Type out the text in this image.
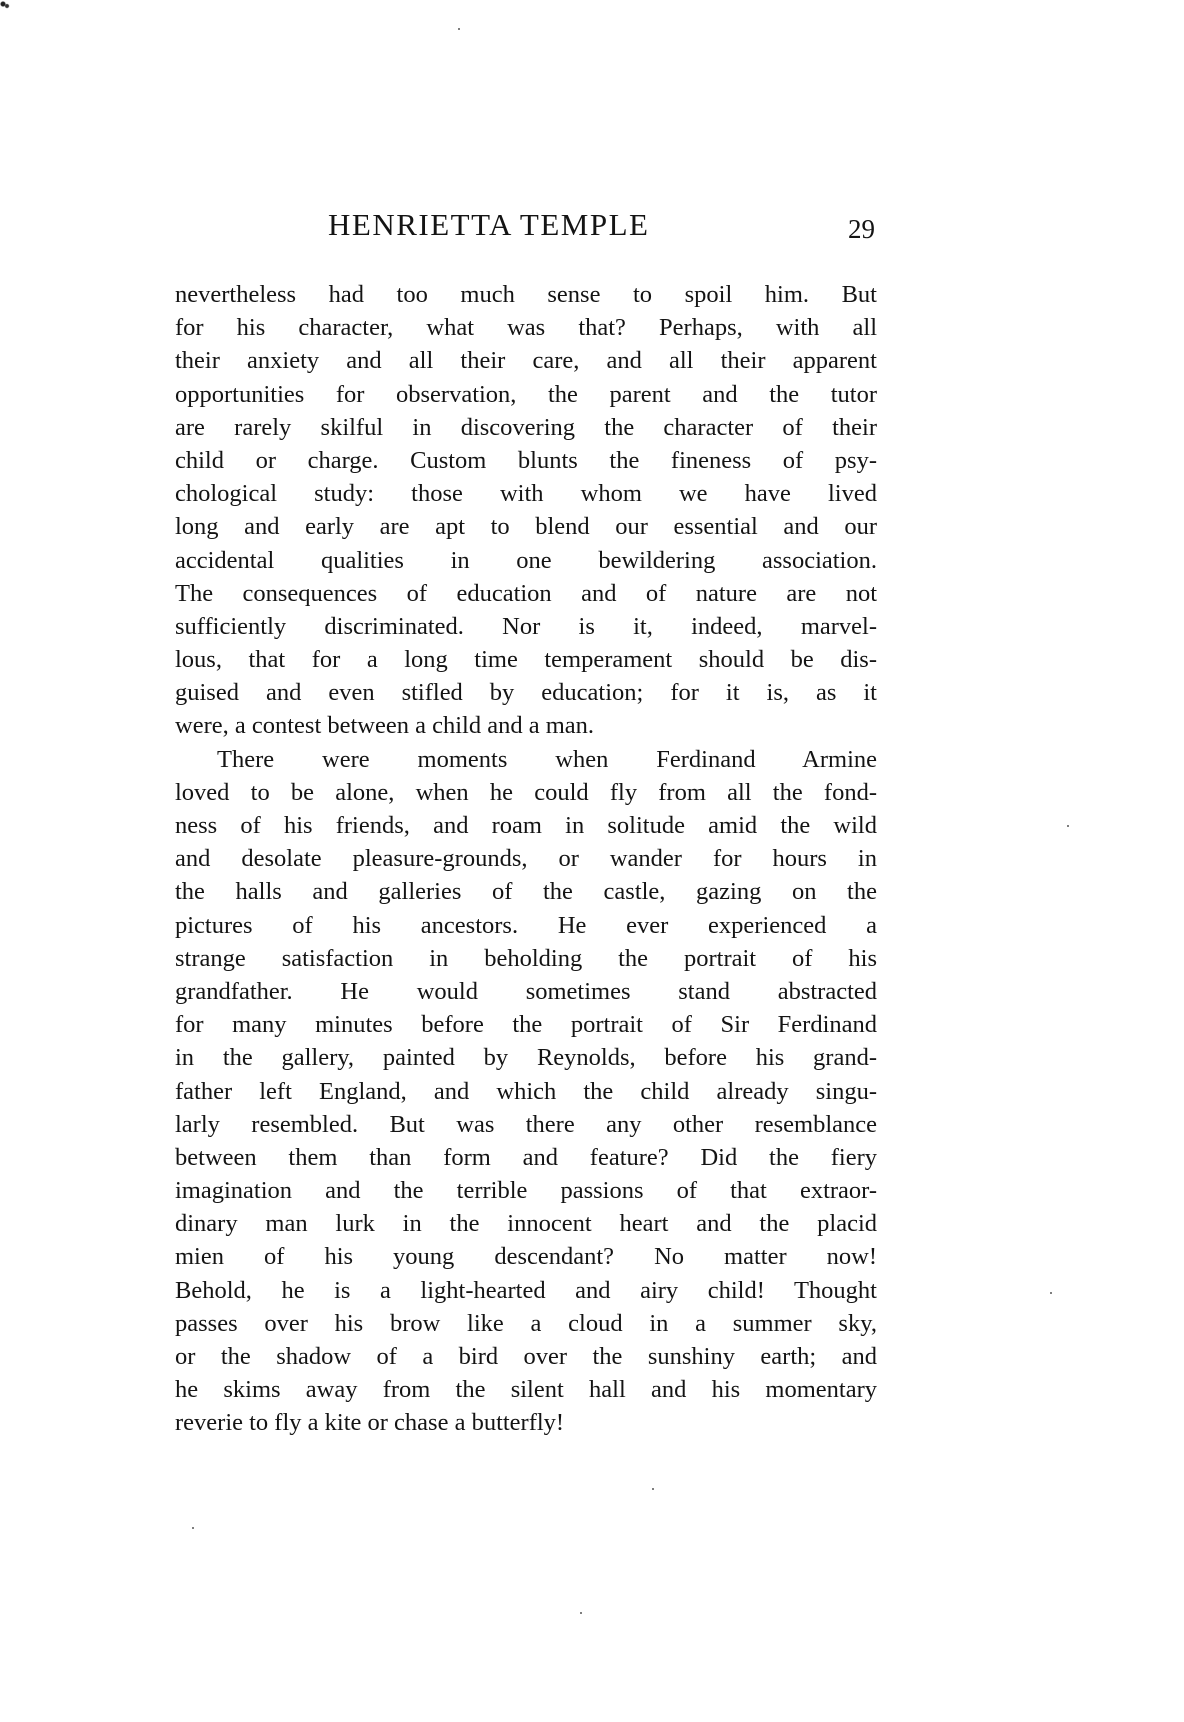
HENRIETTA TEMPLE	29
nevertheless had too much sense to spoil him. But
for his character, what was that? Perhaps, with all
their anxiety and all their care, and all their apparent
opportunities for observation, the parent and the tutor
are rarely skilful in discovering the character of their
child or charge. Custom blunts the fineness of psy-
chological study: those with whom we have lived
long and early are apt to blend our essential and our
accidental qualities in one bewildering association.
The consequences of education and of nature are not
sufficiently discriminated. Nor is it, indeed, marvel-
lous, that for a long time temperament should be dis-
guised and even stifled by education; for it is, as it
were, a contest between a child and a man.
There were moments when Ferdinand Armine
loved to be alone, when he could fly from all the fond-
ness of his friends, and roam in solitude amid the wild
and desolate pleasure-grounds, or wander for hours in
the halls and galleries of the castle, gazing on the
pictures of his ancestors. He ever experienced a
strange satisfaction in beholding the portrait of his
grandfather. He would sometimes stand abstracted
for many minutes before the portrait of Sir Ferdinand
in the gallery, painted by Reynolds, before his grand-
father left England, and which the child already singu-
larly resembled. But was there any other resemblance
between them than form and feature? Did the fiery
imagination and the terrible passions of that extraor-
dinary man lurk in the innocent heart and the placid
mien of his young descendant? No matter now!
Behold, he is a light-hearted and airy child! Thought
passes over his brow like a cloud in a summer sky,
or the shadow of a bird over the sunshiny earth; and
he skims away from the silent hall and his momentary
reverie to fly a kite or chase a butterfly!
